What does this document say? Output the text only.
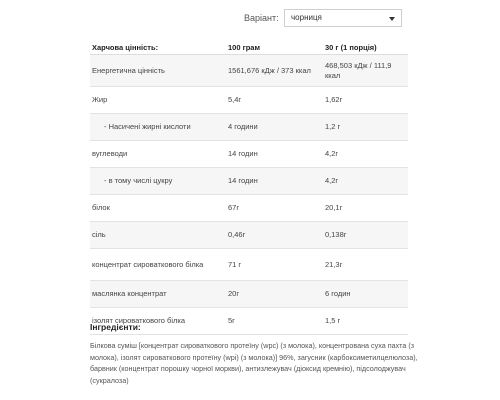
Варіант:	чорниця
Харчова цінність:	100 грам	30 г (1 порція)
Енергетична цінність	1561,676 кДж / 373 ккал	468,503 кДж / 111,9 ккал
Жир	5,4г	1,62г
- Насичені жирні кислоти	4 години	1,2 г
вуглеводи	14 годин	4,2г
- в тому числі цукру	14 годин	4,2г
білок	67г	20,1г
сіль	0,46г	0,138г
концентрат сироваткового білка	71 г	21,3г
маслянка концентрат	20г	6 годин
ізолят сироваткового білка	5г	1,5 г
Інгредієнти:
Білкова суміш [концентрат сироваткового протеїну (wpc) (з молока), концентрована суха пахта (з молока), ізолят сироваткового протеїну (wpi) (з молока)] 96%, загусник (карбоксиметилцелюлоза), барвник (концентрат порошку чорної моркви), антизлежувач (діоксид кремнію), підсолоджувач (сукралоза)
